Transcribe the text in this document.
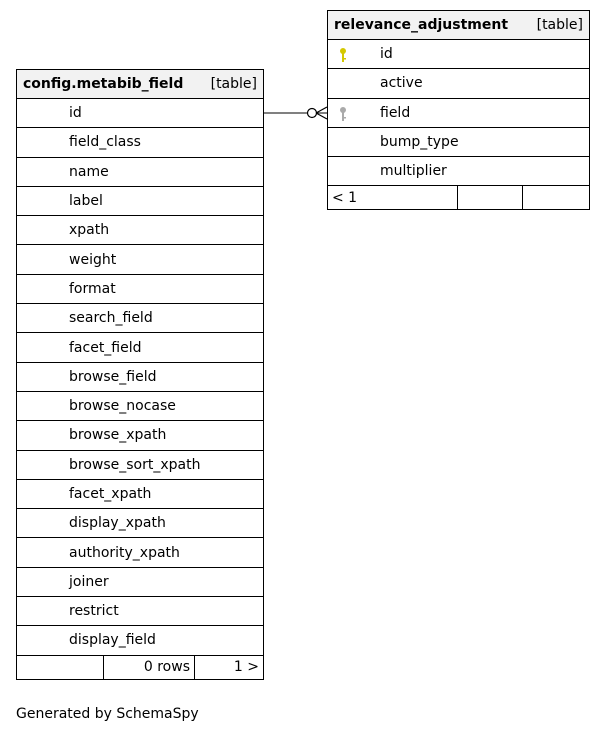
config.metabib_field [table]
id
field_class
name
label
xpath
weight
format
search_field
facet_field
browse_field
browse_nocase
browse_xpath
browse_sort_xpath
facet_xpath
display_xpath
authority_xpath
joiner
restrict
display_field
0 rows	1 >
relevance_adjustment [table]
id
active
field
bump_type
multiplier
< 1
Generated by SchemaSpy
